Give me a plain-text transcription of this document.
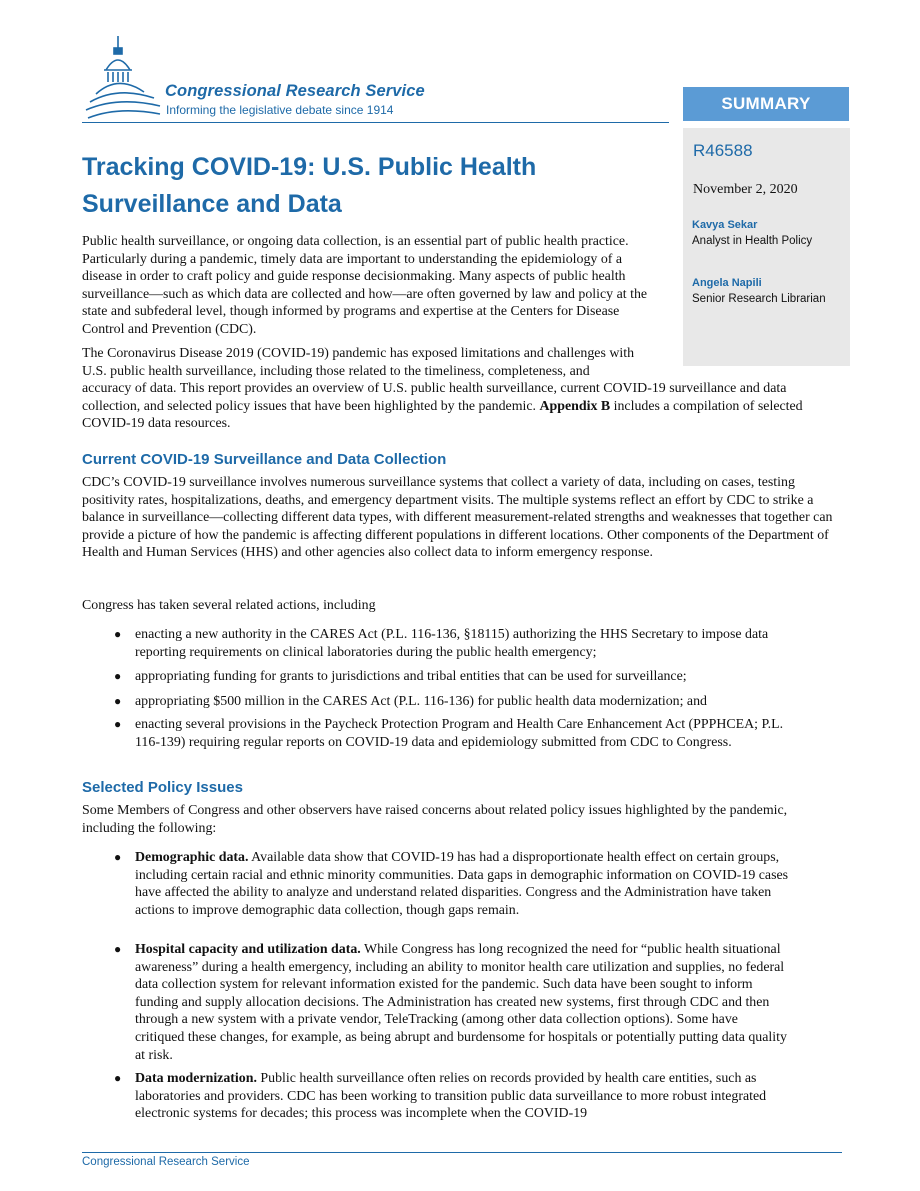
Congressional Research Service
Informing the legislative debate since 1914	SUMMARY
R46588
November 2, 2020
Kavya Sekar
Analyst in Health Policy
Angela Napili
Senior Research Librarian
Tracking COVID-19: U.S. Public Health
Surveillance and Data
Public health surveillance, or ongoing data collection, is an essential part of public health practice. Particularly during a pandemic, timely data are important to understanding the epidemiology of a disease in order to craft policy and guide response decisionmaking. Many aspects of public health surveillance—such as which data are collected and how—are often governed by law and policy at the state and subfederal level, though informed by programs and expertise at the Centers for Disease Control and Prevention (CDC).
The Coronavirus Disease 2019 (COVID-19) pandemic has exposed limitations and challenges with U.S. public health surveillance, including those related to the timeliness, completeness, and
accuracy of data. This report provides an overview of U.S. public health surveillance, current COVID-19 surveillance and data collection, and selected policy issues that have been highlighted by the pandemic. Appendix B includes a compilation of selected COVID-19 data resources.
Current COVID-19 Surveillance and Data Collection
CDC’s COVID-19 surveillance involves numerous surveillance systems that collect a variety of data, including on cases, testing positivity rates, hospitalizations, deaths, and emergency department visits. The multiple systems reflect an effort by CDC to strike a balance in surveillance—collecting different data types, with different measurement-related strengths and weaknesses that together can provide a picture of how the pandemic is affecting different populations in different locations. Other components of the Department of Health and Human Services (HHS) and other agencies also collect data to inform emergency response.
Congress has taken several related actions, including
● enacting a new authority in the CARES Act (P.L. 116-136, §18115) authorizing the HHS Secretary to impose data reporting requirements on clinical laboratories during the public health emergency;
● appropriating funding for grants to jurisdictions and tribal entities that can be used for surveillance;
● appropriating $500 million in the CARES Act (P.L. 116-136) for public health data modernization; and
● enacting several provisions in the Paycheck Protection Program and Health Care Enhancement Act (PPPHCEA; P.L. 116-139) requiring regular reports on COVID-19 data and epidemiology submitted from CDC to Congress.
Selected Policy Issues
Some Members of Congress and other observers have raised concerns about related policy issues highlighted by the pandemic, including the following:
● Demographic data. Available data show that COVID-19 has had a disproportionate health effect on certain groups, including certain racial and ethnic minority communities. Data gaps in demographic information on COVID-19 cases have affected the ability to analyze and understand related disparities. Congress and the Administration have taken actions to improve demographic data collection, though gaps remain.
● Hospital capacity and utilization data. While Congress has long recognized the need for “public health situational awareness” during a health emergency, including an ability to monitor health care utilization and supplies, no federal data collection system for relevant information existed for the pandemic. Such data have been sought to inform funding and supply allocation decisions. The Administration has created new systems, first through CDC and then through a new system with a private vendor, TeleTracking (among other data collection options). Some have critiqued these changes, for example, as being abrupt and burdensome for hospitals or potentially putting data quality at risk.
● Data modernization. Public health surveillance often relies on records provided by health care entities, such as laboratories and providers. CDC has been working to transition public data surveillance to more robust integrated electronic systems for decades; this process was incomplete when the COVID-19
Congressional Research Service
